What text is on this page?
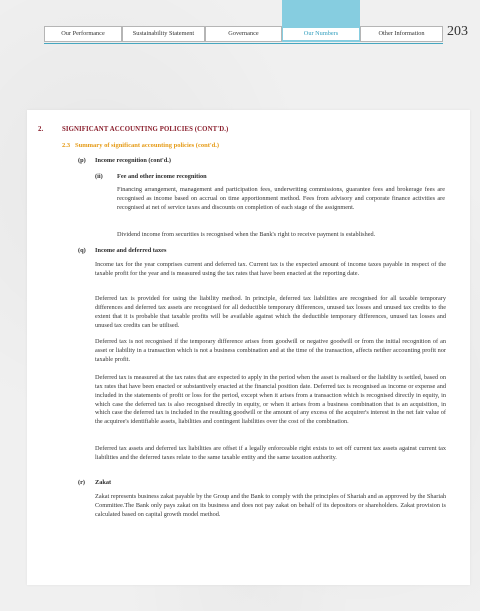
Our Performance	Sustainability Statement	Governance	Our Numbers	Other Information	203
2.	SIGNIFICANT ACCOUNTING POLICIES (CONT'D.)
2.3 Summary of significant accounting policies (cont'd.)
(p) Income recognition (cont'd.)
(ii) Fee and other income recognition

Financing arrangement, management and participation fees, underwriting commissions, guarantee fees and brokerage fees are recognised as income based on accrual on time apportionment method. Fees from advisory and corporate finance activities are recognised at net of service taxes and discounts on completion of each stage of the assignment.

Dividend income from securities is recognised when the Bank's right to receive payment is established.

(q) Income and deferred taxes

Income tax for the year comprises current and deferred tax. Current tax is the expected amount of income taxes payable in respect of the taxable profit for the year and is measured using the tax rates that have been enacted at the reporting date.

Deferred tax is provided for using the liability method. In principle, deferred tax liabilities are recognised for all taxable temporary differences and deferred tax assets are recognised for all deductible temporary differences, unused tax losses and unused tax credits to the extent that it is probable that taxable profits will be available against which the deductible temporary differences, unused tax losses and unused tax credits can be utilised.

Deferred tax is not recognised if the temporary difference arises from goodwill or negative goodwill or from the initial recognition of an asset or liability in a transaction which is not a business combination and at the time of the transaction, affects neither accounting profit nor taxable profit.

Deferred tax is measured at the tax rates that are expected to apply in the period when the asset is realised or the liability is settled, based on tax rates that have been enacted or substantively enacted at the financial position date. Deferred tax is recognised as income or expense and included in the statements of profit or loss for the period, except when it arises from a transaction which is recognised directly in equity, in which case the deferred tax is also recognised directly in equity, or when it arises from a business combination that is an acquisition, in which case the deferred tax is included in the resulting goodwill or the amount of any excess of the acquirer's interest in the net fair value of the acquiree's identifiable assets, liabilities and contingent liabilities over the cost of the combination.

Deferred tax assets and deferred tax liabilities are offset if a legally enforceable right exists to set off current tax assets against current tax liabilities and the deferred taxes relate to the same taxable entity and the same taxation authority.

(r) Zakat

Zakat represents business zakat payable by the Group and the Bank to comply with the principles of Shariah and as approved by the Shariah Committee.The Bank only pays zakat on its business and does not pay zakat on behalf of its depositors or shareholders. Zakat provision is calculated based on capital growth model method.
